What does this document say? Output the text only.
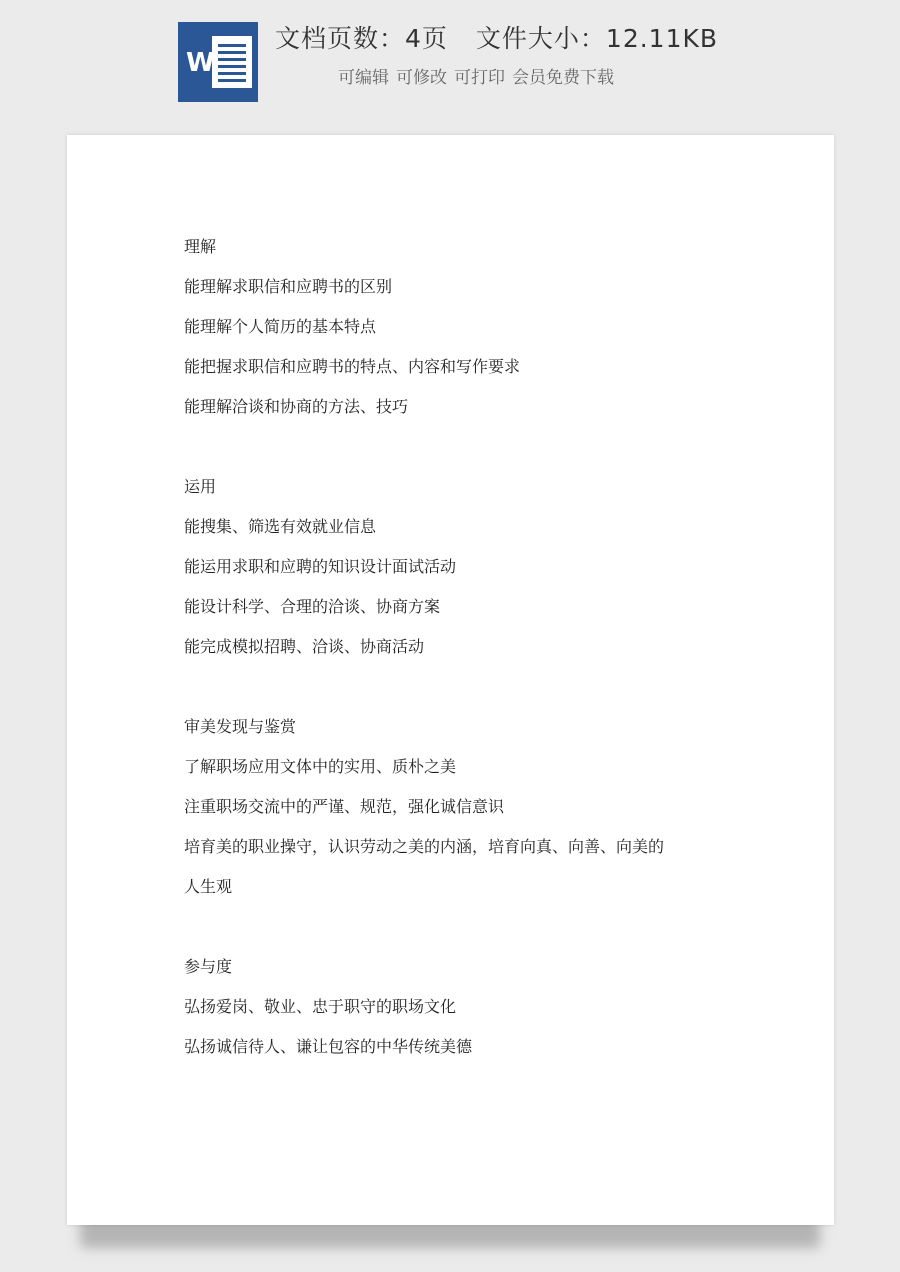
W
文档页数：4页 文件大小：12.11KB
可编辑 可修改 可打印 会员免费下载
理解
能理解求职信和应聘书的区别
能理解个人简历的基本特点
能把握求职信和应聘书的特点、内容和写作要求
能理解洽谈和协商的方法、技巧
运用
能搜集、筛选有效就业信息
能运用求职和应聘的知识设计面试活动
能设计科学、合理的洽谈、协商方案
能完成模拟招聘、洽谈、协商活动
审美发现与鉴赏
了解职场应用文体中的实用、质朴之美
注重职场交流中的严谨、规范，强化诚信意识
培育美的职业操守，认识劳动之美的内涵，培育向真、向善、向美的
人生观
参与度
弘扬爱岗、敬业、忠于职守的职场文化
弘扬诚信待人、谦让包容的中华传统美德
